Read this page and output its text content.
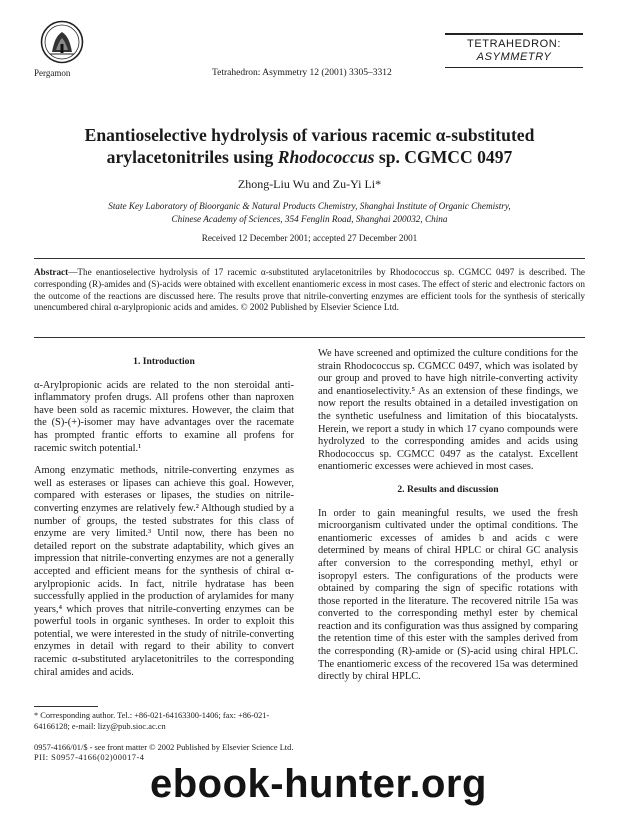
Pergamon	Tetrahedron: Asymmetry 12 (2001) 3305–3312
TETRAHEDRON:
ASYMMETRY
Enantioselective hydrolysis of various racemic α-substituted
arylacetonitriles using Rhodococcus sp. CGMCC 0497
Zhong-Liu Wu and Zu-Yi Li*
State Key Laboratory of Bioorganic & Natural Products Chemistry, Shanghai Institute of Organic Chemistry,
Chinese Academy of Sciences, 354 Fenglin Road, Shanghai 200032, China
Received 12 December 2001; accepted 27 December 2001
Abstract—The enantioselective hydrolysis of 17 racemic α-substituted arylacetonitriles by Rhodococcus sp. CGMCC 0497 is described. The corresponding (R)-amides and (S)-acids were obtained with excellent enantiomeric excess in most cases. The effect of steric and electronic factors on the outcome of the reactions are discussed here. The results prove that nitrile-converting enzymes are efficient tools for the synthesis of sterically unencumbered chiral α-arylpropionic acids and amides. © 2002 Published by Elsevier Science Ltd.
1. Introduction

α-Arylpropionic acids are related to the non steroidal anti-inflammatory profen drugs. All profens other than naproxen have been sold as racemic mixtures. However, the claim that the (S)-(+)-isomer may have advantages over the racemate has prompted frantic efforts to examine all profens for racemic switch potential.¹

Among enzymatic methods, nitrile-converting enzymes as well as esterases or lipases can achieve this goal. However, compared with esterases or lipases, the studies on nitrile-converting enzymes are relatively few.² Although studied by a number of groups, the tested substrates for this class of enzyme are very limited.³ Until now, there has been no detailed report on the substrate adaptability, which gives an impression that nitrile-converting enzymes are not a generally accepted and efficient means for the synthesis of chiral α-arylpropionic acids. In fact, nitrile hydratase has been successfully applied in the production of arylamides for many years,⁴ which proves that nitrile-converting enzymes can be powerful tools in organic syntheses. In order to exploit this potential, we were interested in the study of nitrile-converting enzymes in detail with regard to their ability to convert racemic α-substituted arylacetonitriles to the corresponding chiral amides and acids.

We have screened and optimized the culture conditions for the strain Rhodococcus sp. CGMCC 0497, which was isolated by our group and proved to have high nitrile-converting activity and enantioselectivity.⁵ As an extension of these findings, we now report the results obtained in a detailed investigation on the synthetic usefulness and limitation of this biocatalysts. Herein, we report a study in which 17 cyano compounds were hydrolyzed to the corresponding amides and acids using Rhodococcus sp. CGMCC 0497 as the catalyst. Excellent enantiomeric excesses were achieved in most cases.

2. Results and discussion

In order to gain meaningful results, we used the fresh microorganism cultivated under the optimal conditions. The enantiomeric excesses of amides b and acids c were determined by means of chiral HPLC or chiral GC analysis after conversion to the corresponding methyl, ethyl or isopropyl esters. The configurations of the products were obtained by comparing the sign of specific rotations with those reported in the literature. The recovered nitrile 15a was converted to the corresponding methyl ester by chemical reaction and its configuration was thus assigned by comparing the retention time of this ester with the samples derived from the corresponding (R)-amide or (S)-acid using chiral HPLC. The enantiomeric excess of the recovered 15a was determined directly by chiral HPLC.

* Corresponding author. Tel.: +86-021-64163300-1406; fax: +86-021-
64166128; e-mail: lizy@pub.sioc.ac.cn
0957-4166/01/$ - see front matter © 2002 Published by Elsevier Science Ltd.
PII: S0957-4166(02)00017-4
ebook-hunter.org
